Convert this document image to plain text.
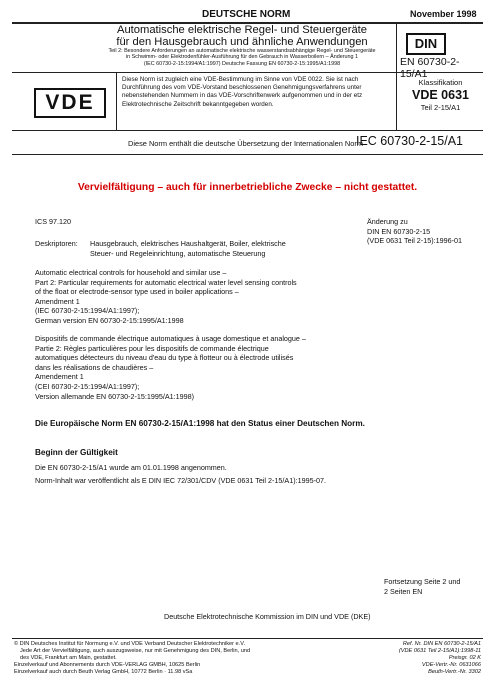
DEUTSCHE NORM	November 1998
Automatische elektrische Regel- und Steuergeräte
für den Hausgebrauch und ähnliche Anwendungen
Teil 2: Besondere Anforderungen an automatische elektrische wasserstandsabhängige Regel- und Steuergeräte
in Schwimm- oder Elektrodenfühler-Ausführung für den Gebrauch in Wasserboilern – Änderung 1
(IEC 60730-2-15:1994/A1:1997) Deutsche Fassung EN 60730-2-15:1995/A1:1998
DIN
EN 60730-2-15/A1
VDE
Diese Norm ist zugleich eine VDE-Bestimmung im Sinne von VDE 0022. Sie ist nach
Durchführung des vom VDE-Vorstand beschlossenen Genehmigungsverfahrens unter
nebenstehenden Nummern in das VDE-Vorschriftenwerk aufgenommen und in der etz
Elektrotechnische Zeitschrift bekanntgegeben worden.
Klassifikation
VDE 0631
Teil 2-15/A1
Diese Norm enthält die deutsche Übersetzung der Internationalen Norm
IEC 60730-2-15/A1
Vervielfältigung – auch für innerbetriebliche Zwecke – nicht gestattet.
ICS 97.120	Änderung zu
DIN EN 60730-2-15
(VDE 0631 Teil 2-15):1996-01
Deskriptoren: Hausgebrauch, elektrisches Haushaltgerät, Boiler, elektrische
Steuer- und Regeleinrichtung, automatische Steuerung
Automatic electrical controls for household and similar use –
Part 2: Particular requirements for automatic electrical water level sensing controls
of the float or electrode-sensor type used in boiler applications –
Amendment 1
(IEC 60730-2-15:1994/A1:1997);
German version EN 60730-2-15:1995/A1:1998
Dispositifs de commande électrique automatiques à usage domestique et analogue –
Partie 2: Règles particulières pour les dispositifs de commande électrique
automatiques détecteurs du niveau d'eau du type à flotteur ou à électrode utilisés
dans les réalisations de chaudières –
Amendement 1
(CEI 60730-2-15:1994/A1:1997);
Version allemande EN 60730-2-15:1995/A1:1998)
Die Europäische Norm EN 60730-2-15/A1:1998 hat den Status einer Deutschen Norm.
Beginn der Gültigkeit
Die EN 60730-2-15/A1 wurde am 01.01.1998 angenommen.
Norm-Inhalt war veröffentlicht als E DIN IEC 72/301/CDV (VDE 0631 Teil 2-15/A1):1995-07.
Fortsetzung Seite 2 und
2 Seiten EN
Deutsche Elektrotechnische Kommission im DIN und VDE (DKE)
© DIN Deutsches Institut für Normung e.V. und VDE Verband Deutscher Elektrotechniker e.V.
Jede Art der Vervielfältigung, auch auszugsweise, nur mit Genehmigung des DIN, Berlin, und
des VDE, Frankfurt am Main, gestattet.
Einzelverkauf und Abonnements durch VDE-VERLAG GMBH, 10625 Berlin
Einzelverkauf auch durch Beuth Verlag GmbH, 10772 Berlin · 11.98 vSa
Ref. Nr. DIN EN 60730-2-15/A1
(VDE 0631 Teil 2-15/A1):1998-11
Preisgr. 02 K
VDE-Vertr.-Nr. 0631066
Beuth-Vertr.-Nr. 3302
